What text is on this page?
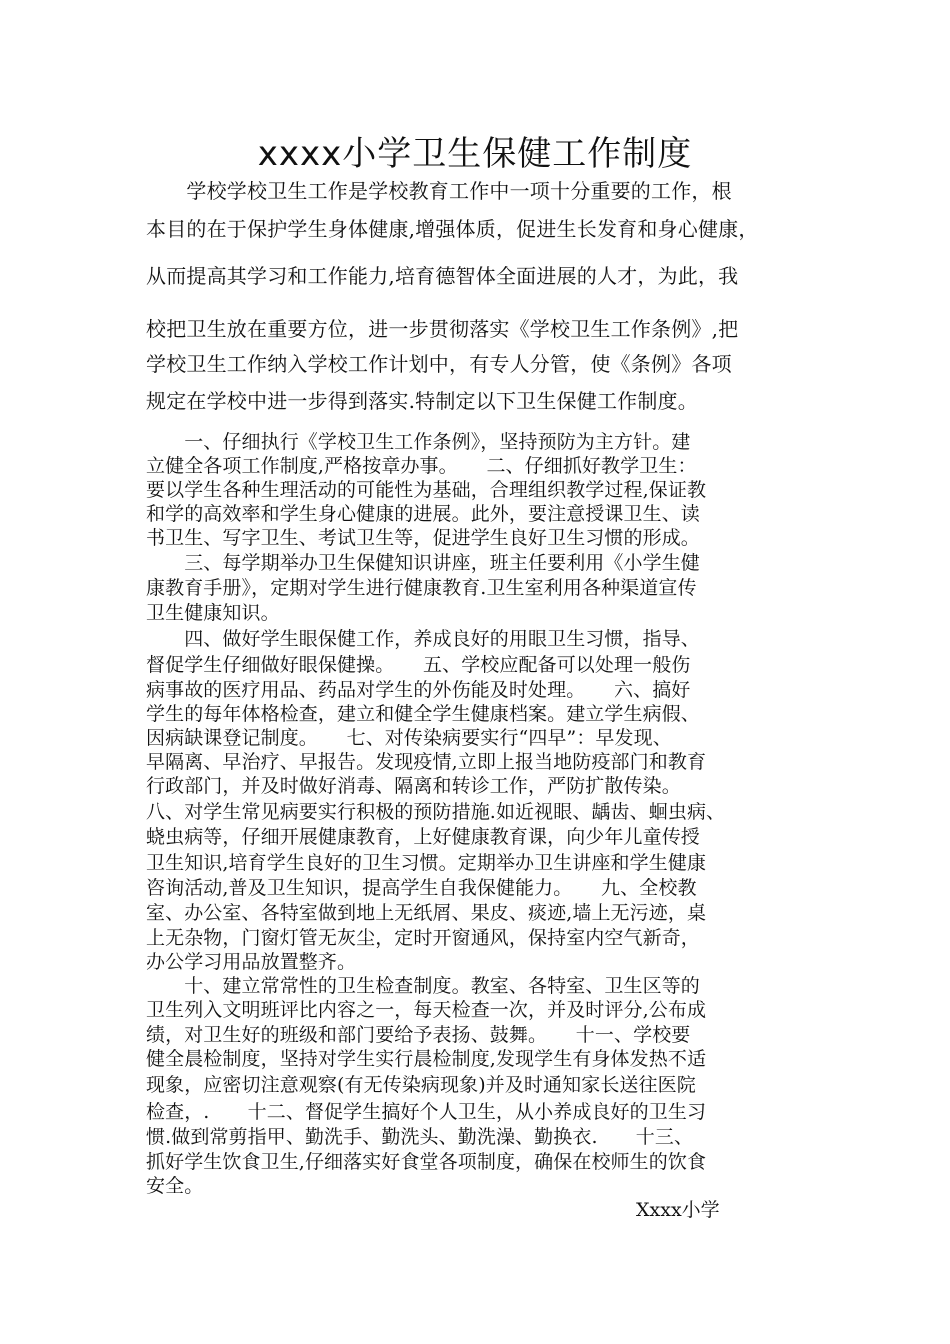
xxxx小学卫生保健工作制度

　　学校学校卫生工作是学校教育工作中一项十分重要的工作，根

本目的在于保护学生身体健康,增强体质，促进生长发育和身心健康，

从而提高其学习和工作能力,培育德智体全面进展的人才，为此，我

校把卫生放在重要方位，进一步贯彻落实《学校卫生工作条例》,把

学校卫生工作纳入学校工作计划中，有专人分管，使《条例》各项

规定在学校中进一步得到落实.特制定以下卫生保健工作制度。

　　一、仔细执行《学校卫生工作条例》，坚持预防为主方针。建

立健全各项工作制度,严格按章办事。　　二、仔细抓好教学卫生：

要以学生各种生理活动的可能性为基础，合理组织教学过程,保证教

和学的高效率和学生身心健康的进展。此外，要注意授课卫生、读

书卫生、写字卫生、考试卫生等，促进学生良好卫生习惯的形成。

　　三、每学期举办卫生保健知识讲座，班主任要利用《小学生健

康教育手册》，定期对学生进行健康教育.卫生室利用各种渠道宣传

卫生健康知识。

　　四、做好学生眼保健工作，养成良好的用眼卫生习惯，指导、

督促学生仔细做好眼保健操。　　五、学校应配备可以处理一般伤

病事故的医疗用品、药品对学生的外伤能及时处理。　　六、搞好

学生的每年体格检查，建立和健全学生健康档案。建立学生病假、

因病缺课登记制度。　　七、对传染病要实行“四早”：早发现、

早隔离、早治疗、早报告。发现疫情,立即上报当地防疫部门和教育

行政部门，并及时做好消毒、隔离和转诊工作，严防扩散传染。

八、对学生常见病要实行积极的预防措施.如近视眼、龋齿、蛔虫病、

蛲虫病等，仔细开展健康教育，上好健康教育课，向少年儿童传授

卫生知识,培育学生良好的卫生习惯。定期举办卫生讲座和学生健康

咨询活动,普及卫生知识，提高学生自我保健能力。　　九、全校教

室、办公室、各特室做到地上无纸屑、果皮、痰迹,墙上无污迹，桌

上无杂物，门窗灯管无灰尘，定时开窗通风，保持室内空气新奇，

办公学习用品放置整齐。

　　十、建立常常性的卫生检查制度。教室、各特室、卫生区等的

卫生列入文明班评比内容之一，每天检查一次，并及时评分,公布成

绩，对卫生好的班级和部门要给予表扬、鼓舞。　　十一、学校要

健全晨检制度，坚持对学生实行晨检制度,发现学生有身体发热不适

现象，应密切注意观察(有无传染病现象)并及时通知家长送往医院

检查，.　　十二、督促学生搞好个人卫生，从小养成良好的卫生习

惯.做到常剪指甲、勤洗手、勤洗头、勤洗澡、勤换衣.　　十三、

抓好学生饮食卫生,仔细落实好食堂各项制度，确保在校师生的饮食

安全。

Xxxx小学
